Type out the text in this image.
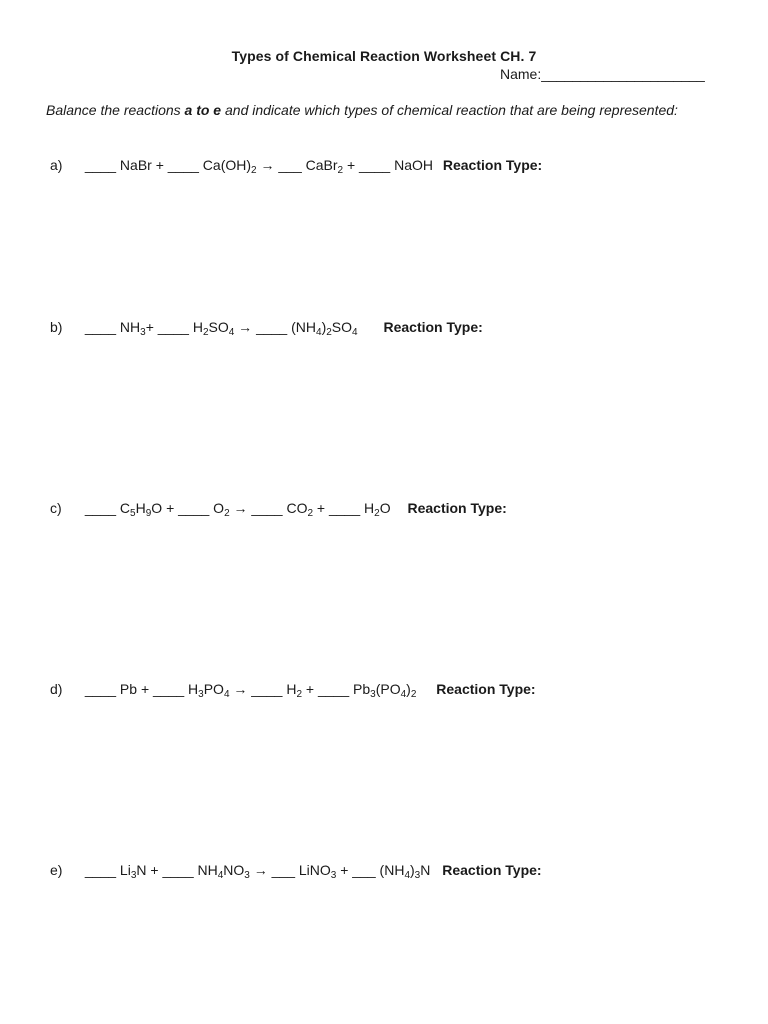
Types of Chemical Reaction Worksheet CH. 7
Name:_____________________
Balance the reactions a to e and indicate which types of chemical reaction that are being represented:
a) ____ NaBr + ____ $Ca(OH)_2$ → ___ CaBr$_2$ + ____ NaOH Reaction Type:
b) ____ $NH_3+$ ____ $H_2SO_4$ → ____ $(NH_4)_2SO_4$ Reaction Type:
c) ____ $C_5H_9O$ + ____ $O_2$ → ____ $CO_2$ + ____ $H_2O$ Reaction Type:
d) ____ Pb + ____ $H_3PO_4$ → ____ $H_2$ + ____ $Pb_3(PO_4)_2$ Reaction Type:
e) ____ $Li_3N$ + ____ $NH_4NO_3$ → ___ LiNO$_3$ + ___ $(NH_4)_3N$ Reaction Type:
